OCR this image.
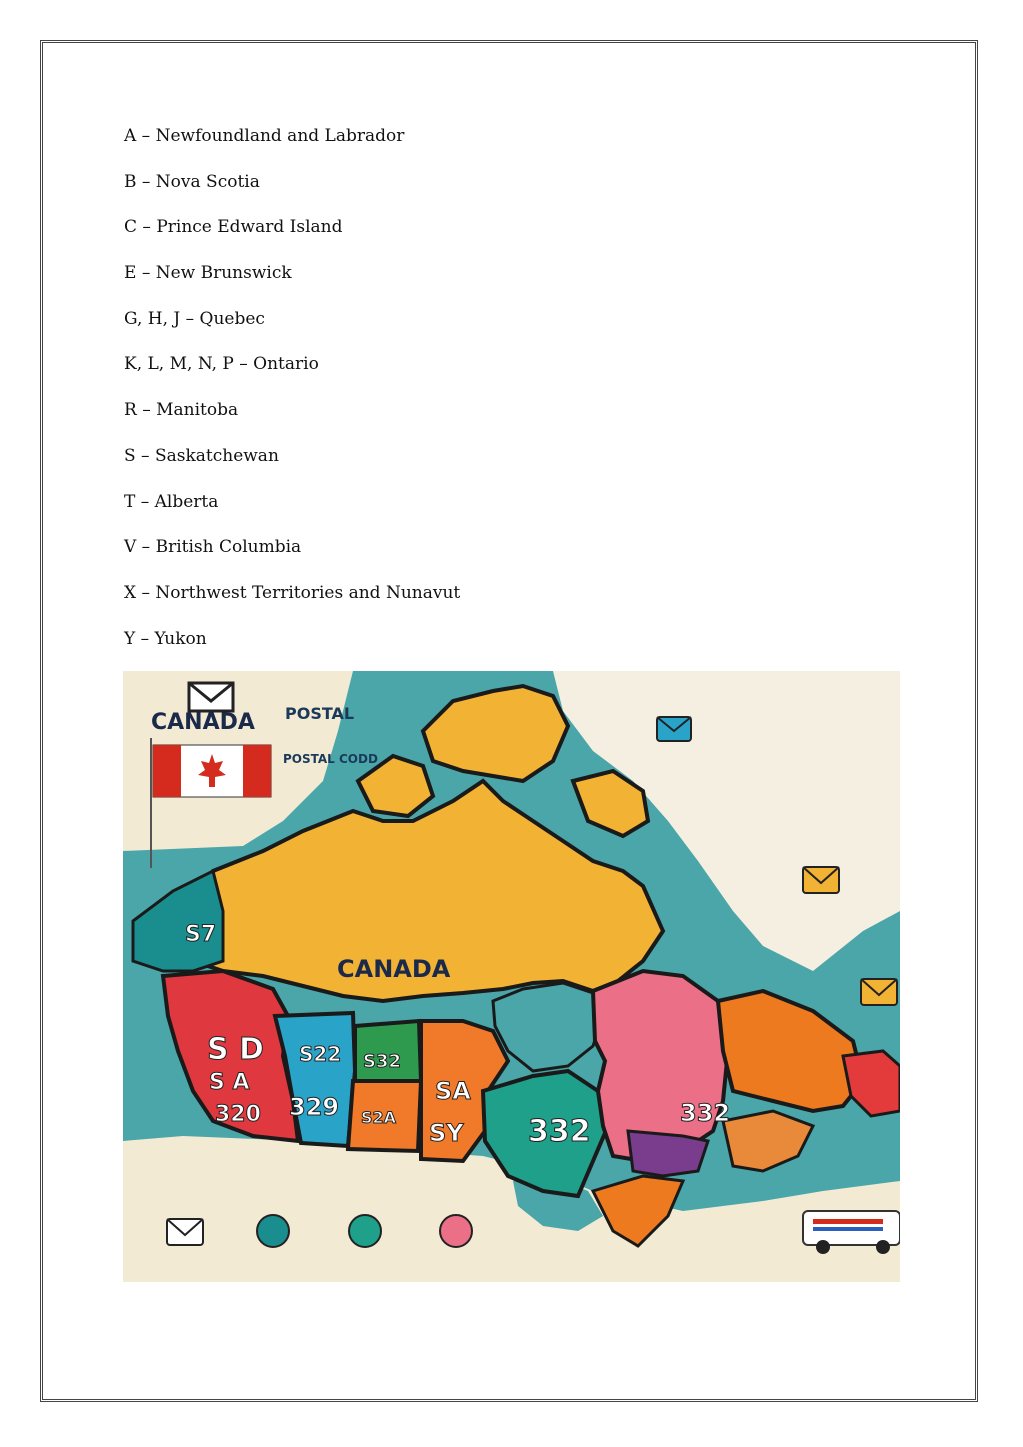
A – Newfoundland and Labrador
B – Nova Scotia
C – Prince Edward Island
E – New Brunswick
G, H, J – Quebec
K, L, M, N, P – Ontario
R – Manitoba
S – Saskatchewan
T – Alberta
V – British Columbia
X – Northwest Territories and Nunavut
Y – Yukon
CANADA POSTAL
POSTAL CODD
CANADA
S D
S A
320
S22
329
S32
S2A
SA
SY 332
332
S7
